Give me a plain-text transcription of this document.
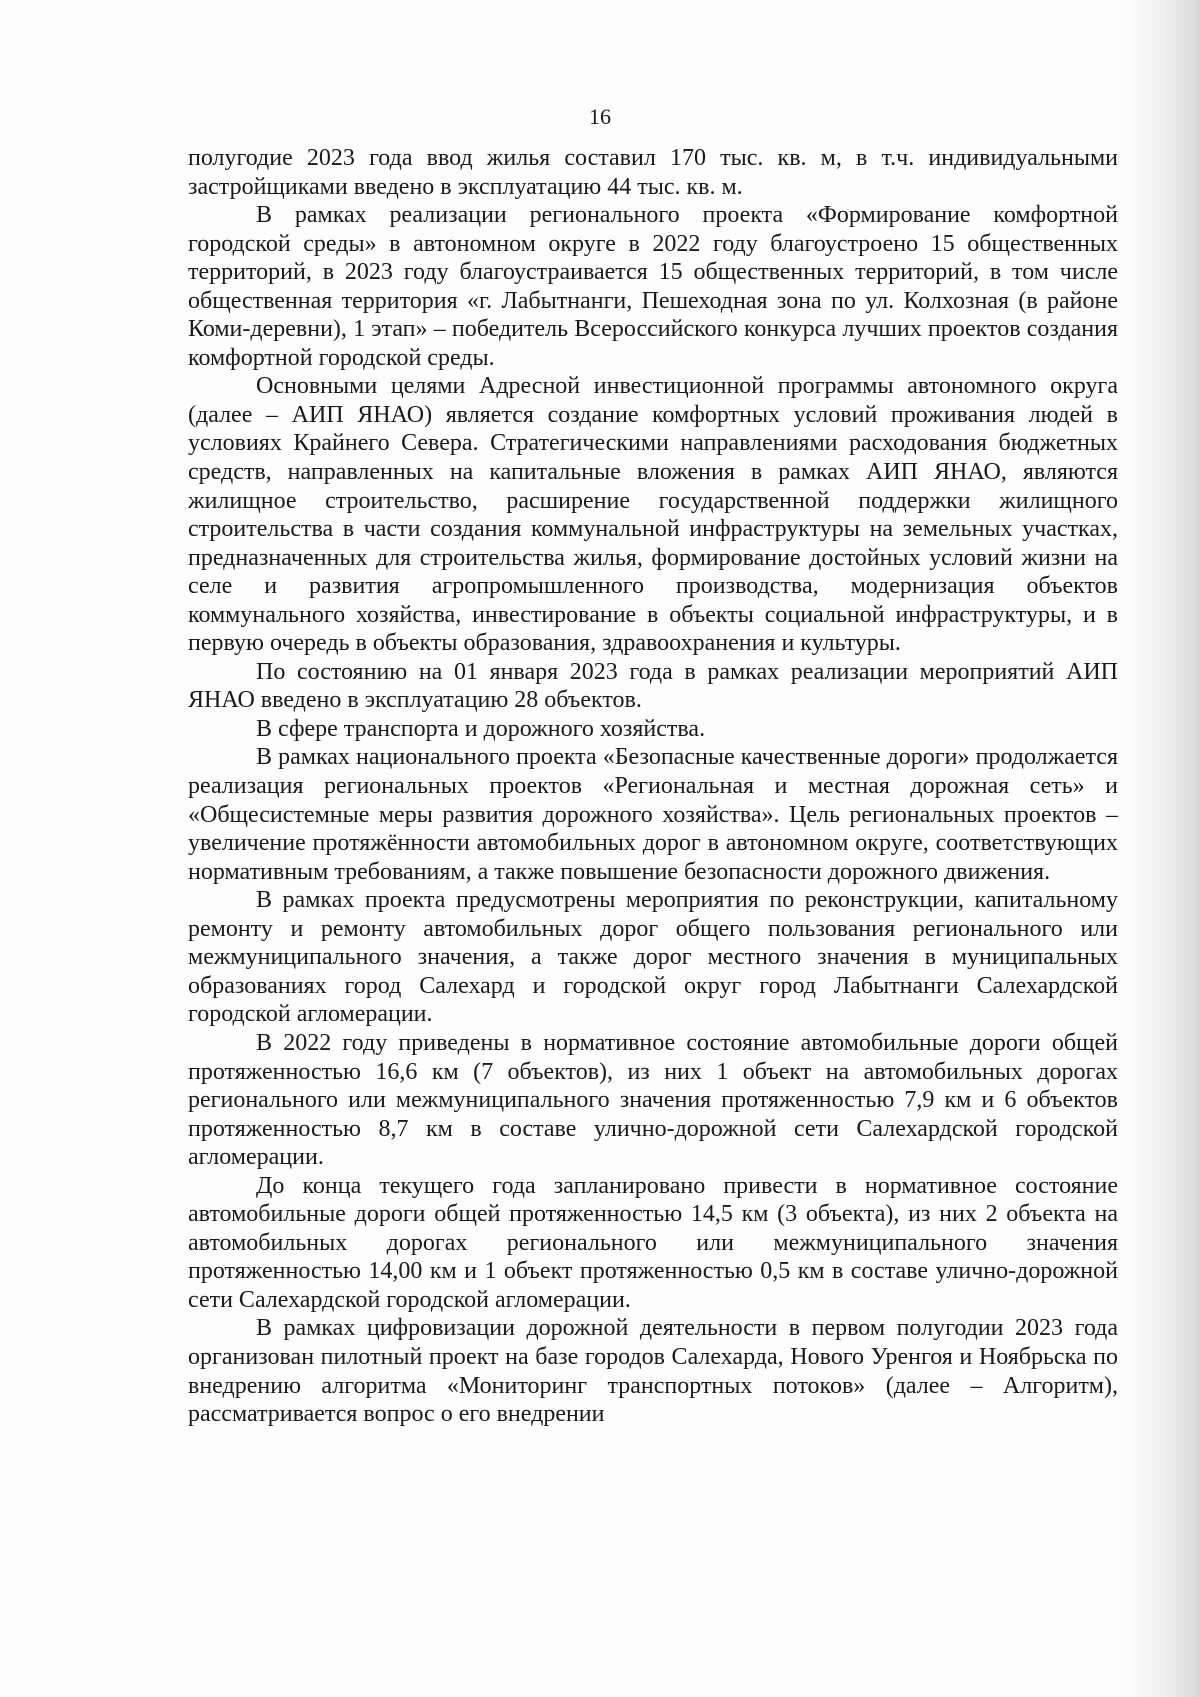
16

полугодие 2023 года ввод жилья составил 170 тыс. кв. м, в т.ч. индивидуальными застройщиками введено в эксплуатацию 44 тыс. кв. м.

В рамках реализации регионального проекта «Формирование комфортной городской среды» в автономном округе в 2022 году благоустроено 15 общественных территорий, в 2023 году благоустраивается 15 общественных территорий, в том числе общественная территория «г. Лабытнанги, Пешеходная зона по ул. Колхозная (в районе Коми-деревни), 1 этап» – победитель Всероссийского конкурса лучших проектов создания комфортной городской среды.

Основными целями Адресной инвестиционной программы автономного округа (далее – АИП ЯНАО) является создание комфортных условий проживания людей в условиях Крайнего Севера. Стратегическими направлениями расходования бюджетных средств, направленных на капитальные вложения в рамках АИП ЯНАО, являются жилищное строительство, расширение государственной поддержки жилищного строительства в части создания коммунальной инфраструктуры на земельных участках, предназначенных для строительства жилья, формирование достойных условий жизни на селе и развития агропромышленного производства, модернизация объектов коммунального хозяйства, инвестирование в объекты социальной инфраструктуры, и в первую очередь в объекты образования, здравоохранения и культуры.

По состоянию на 01 января 2023 года в рамках реализации мероприятий АИП ЯНАО введено в эксплуатацию 28 объектов.

В сфере транспорта и дорожного хозяйства.

В рамках национального проекта «Безопасные качественные дороги» продолжается реализация региональных проектов «Региональная и местная дорожная сеть» и «Общесистемные меры развития дорожного хозяйства». Цель региональных проектов – увеличение протяжённости автомобильных дорог в автономном округе, соответствующих нормативным требованиям, а также повышение безопасности дорожного движения.

В рамках проекта предусмотрены мероприятия по реконструкции, капитальному ремонту и ремонту автомобильных дорог общего пользования регионального или межмуниципального значения, а также дорог местного значения в муниципальных образованиях город Салехард и городской округ город Лабытнанги Салехардской городской агломерации.

В 2022 году приведены в нормативное состояние автомобильные дороги общей протяженностью 16,6 км (7 объектов), из них 1 объект на автомобильных дорогах регионального или межмуниципального значения протяженностью 7,9 км и 6 объектов протяженностью 8,7 км в составе улично-дорожной сети Салехардской городской агломерации.

До конца текущего года запланировано привести в нормативное состояние автомобильные дороги общей протяженностью 14,5 км (3 объекта), из них 2 объекта на автомобильных дорогах регионального или межмуниципального значения протяженностью 14,00 км и 1 объект протяженностью 0,5 км в составе улично-дорожной сети Салехардской городской агломерации.

В рамках цифровизации дорожной деятельности в первом полугодии 2023 года организован пилотный проект на базе городов Салехарда, Нового Уренгоя и Ноябрьска по внедрению алгоритма «Мониторинг транспортных потоков» (далее – Алгоритм), рассматривается вопрос о его внедрении
